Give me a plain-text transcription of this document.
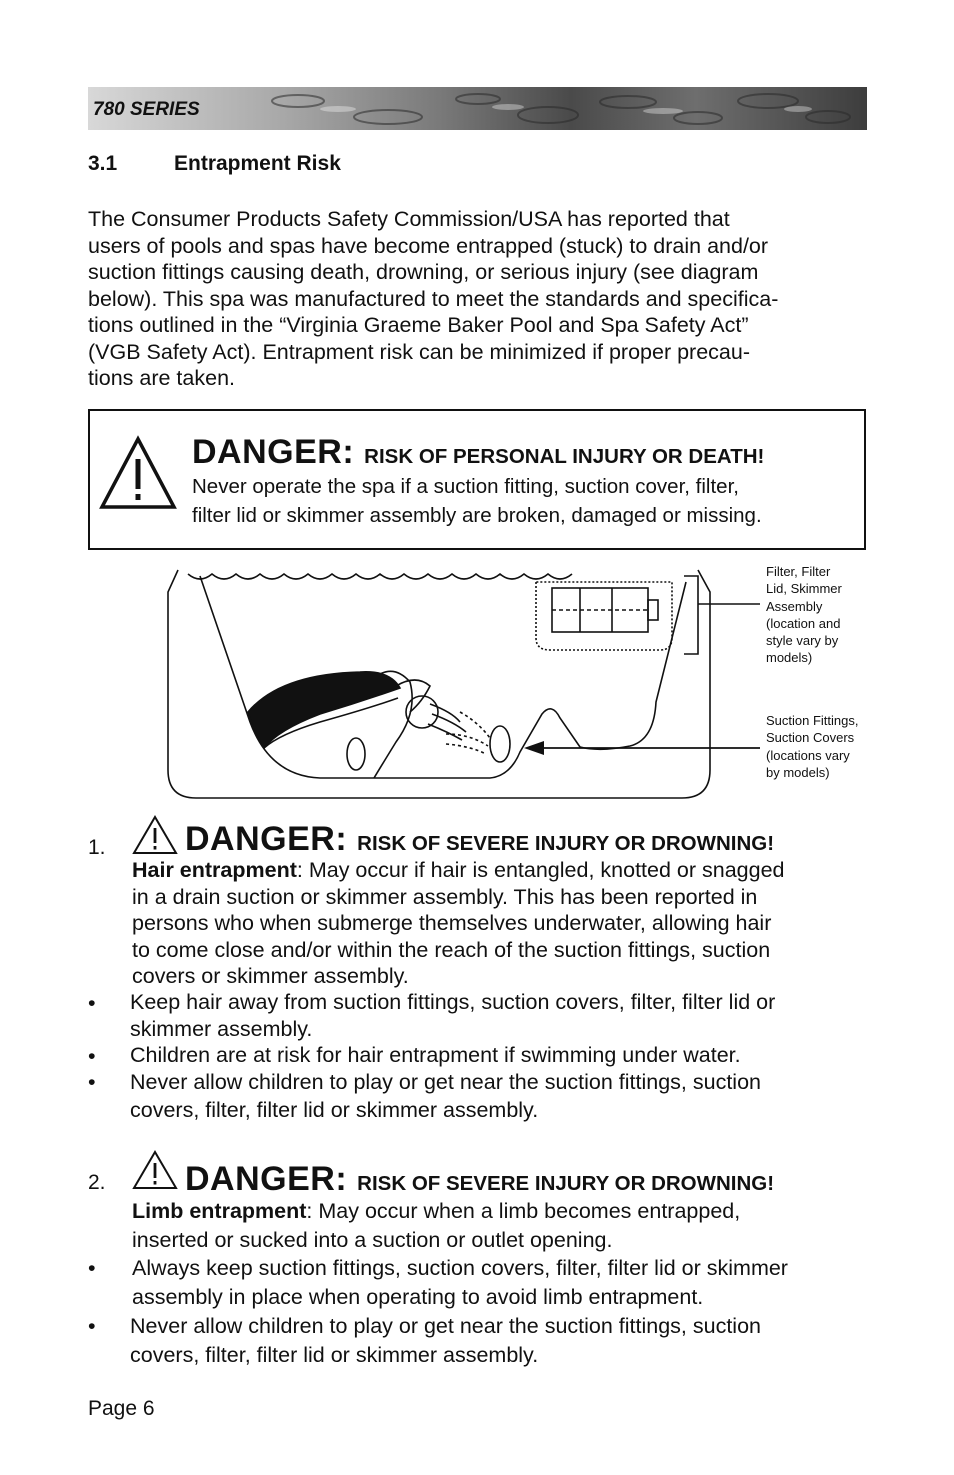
780 SERIES
3.1	Entrapment Risk
The Consumer Products Safety Commission/USA has reported that
users of pools and spas have become entrapped (stuck) to drain and/or
suction fittings causing death, drowning, or serious injury (see diagram
below). This spa was manufactured to meet the standards and specifica-
tions outlined in the “Virginia Graeme Baker Pool and Spa Safety Act”
(VGB Safety Act). Entrapment risk can be minimized if proper precau-
tions are taken.
DANGER: RISK OF PERSONAL INJURY OR DEATH!
Never operate the spa if a suction fitting, suction cover, filter,
filter lid or skimmer assembly are broken, damaged or missing.
Filter, Filter
Lid, Skimmer
Assembly
(location and
style vary by
models)
Suction Fittings,
Suction Covers
(locations vary
by models)
1. DANGER: RISK OF SEVERE INJURY OR DROWNING!
Hair entrapment: May occur if hair is entangled, knotted or snagged
in a drain suction or skimmer assembly. This has been reported in
persons who when submerge themselves underwater, allowing hair
to come close and/or within the reach of the suction fittings, suction
covers or skimmer assembly.
• Keep hair away from suction fittings, suction covers, filter, filter lid or
skimmer assembly.
• Children are at risk for hair entrapment if swimming under water.
• Never allow children to play or get near the suction fittings, suction
covers, filter, filter lid or skimmer assembly.
2. DANGER: RISK OF SEVERE INJURY OR DROWNING!
Limb entrapment: May occur when a limb becomes entrapped,
inserted or sucked into a suction or outlet opening.
• Always keep suction fittings, suction covers, filter, filter lid or skimmer
assembly in place when operating to avoid limb entrapment.
• Never allow children to play or get near the suction fittings, suction
covers, filter, filter lid or skimmer assembly.
Page 6
